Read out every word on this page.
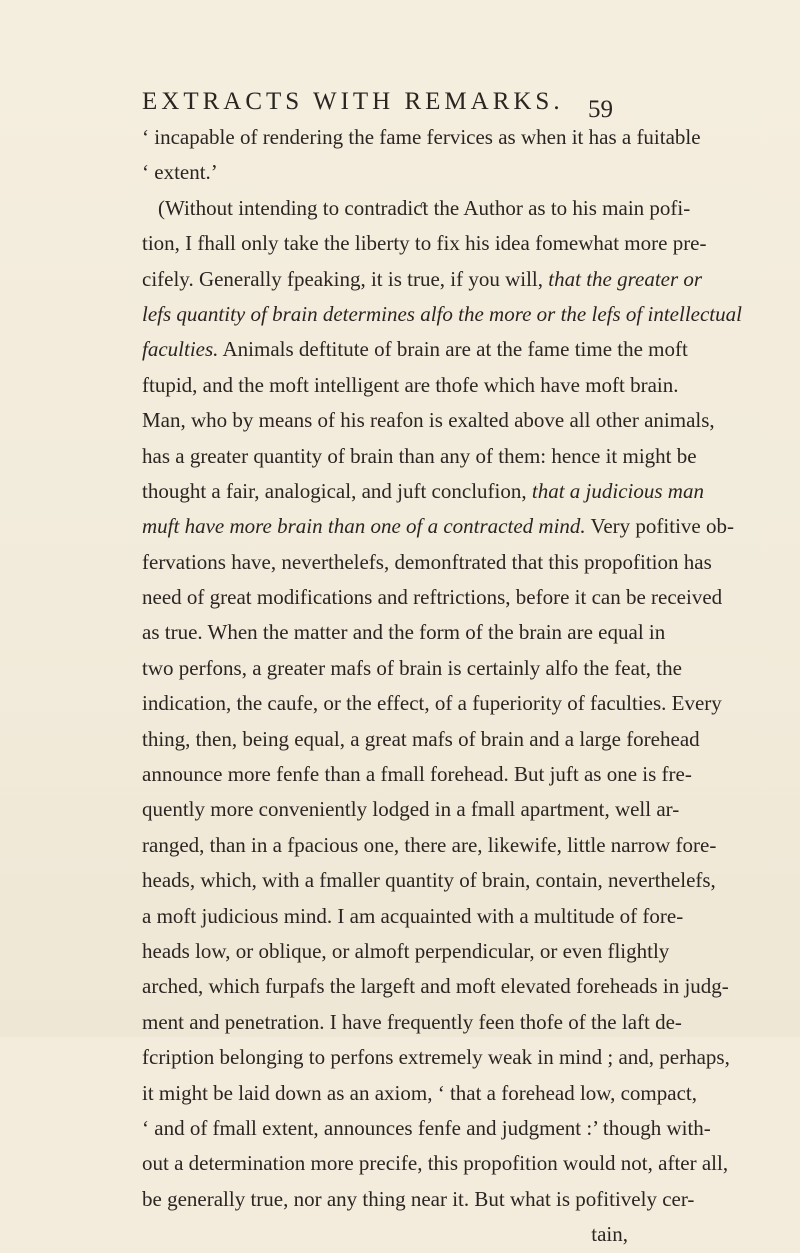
EXTRACTS WITH REMARKS. 59
‘ incapable of rendering the fame fervices as when it has a fuitable
‘ extent.’
(Without intending to contradiƈt the Author as to his main pofi-
tion, I fhall only take the liberty to fix his idea fomewhat more pre-
cifely. Generally fpeaking, it is true, if you will, that the greater or
lefs quantity of brain determines alfo the more or the lefs of intellectual
faculties. Animals deftitute of brain are at the fame time the moft
ftupid, and the moft intelligent are thofe which have moft brain.
Man, who by means of his reafon is exalted above all other animals,
has a greater quantity of brain than any of them: hence it might be
thought a fair, analogical, and juft conclufion, that a judicious man
muft have more brain than one of a contracted mind. Very pofitive ob-
fervations have, neverthelefs, demonftrated that this propofition has
need of great modifications and reftrictions, before it can be received
as true. When the matter and the form of the brain are equal in
two perfons, a greater mafs of brain is certainly alfo the feat, the
indication, the caufe, or the effect, of a fuperiority of faculties. Every
thing, then, being equal, a great mafs of brain and a large forehead
announce more fenfe than a fmall forehead. But juft as one is fre-
quently more conveniently lodged in a fmall apartment, well ar-
ranged, than in a fpacious one, there are, likewife, little narrow fore-
heads, which, with a fmaller quantity of brain, contain, neverthelefs,
a moft judicious mind. I am acquainted with a multitude of fore-
heads low, or oblique, or almoft perpendicular, or even flightly
arched, which furpafs the largeft and moft elevated foreheads in judg-
ment and penetration. I have frequently feen thofe of the laft de-
fcription belonging to perfons extremely weak in mind ; and, perhaps,
it might be laid down as an axiom, ‘ that a forehead low, compact,
‘ and of fmall extent, announces fenfe and judgment :’ though with-
out a determination more precife, this propofition would not, after all,
be generally true, nor any thing near it. But what is pofitively cer-
tain,
